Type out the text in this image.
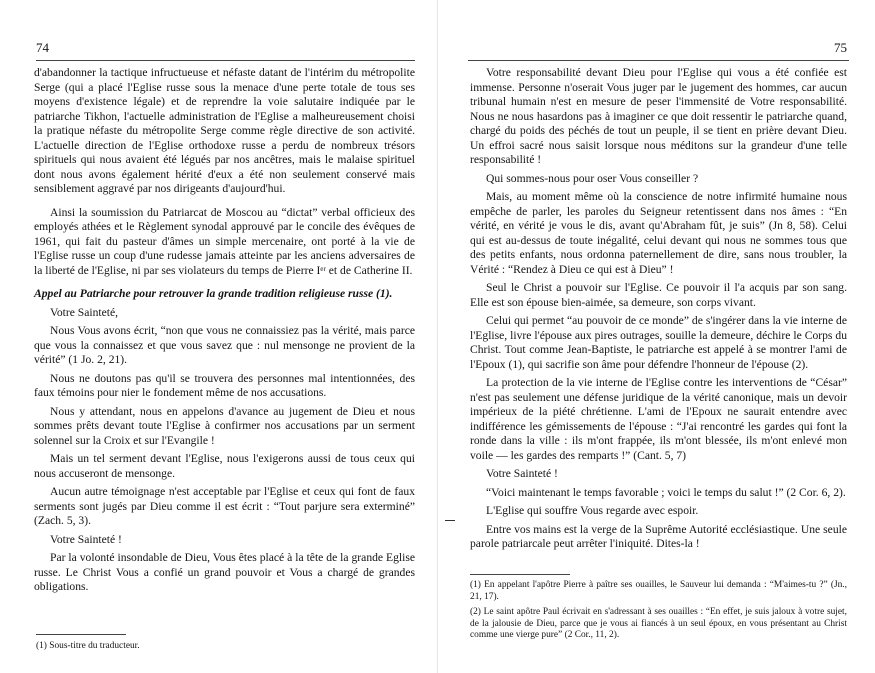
74

d'abandonner la tactique infructueuse et néfaste datant de l'intérim du métropolite Serge (qui a placé l'Eglise russe sous la menace d'une perte totale de tous ses moyens d'existence légale) et de reprendre la voie salutaire indiquée par le patriarche Tikhon, l'actuelle administration de l'Eglise a malheureusement choisi la pratique néfaste du métropolite Serge comme règle directive de son activité. L'actuelle direction de l'Eglise orthodoxe russe a perdu de nombreux trésors spirituels qui nous avaient été légués par nos ancêtres, mais le malaise spirituel dont nous avons également hérité d'eux a été non seulement conservé mais sensiblement aggravé par nos dirigeants d'aujourd'hui.

Ainsi la soumission du Patriarcat de Moscou au “dictat” verbal officieux des employés athées et le Règlement synodal approuvé par le concile des évêques de 1961, qui fait du pasteur d'âmes un simple mercenaire, ont porté à la vie de l'Eglise russe un coup d'une rudesse jamais atteinte par les anciens adversaires de la liberté de l'Eglise, ni par ses violateurs du temps de Pierre Iᵉʳ et de Catherine II.

Appel au Patriarche pour retrouver la grande tradition religieuse russe (1).

Votre Sainteté,

Nous Vous avons écrit, “non que vous ne connaissiez pas la vérité, mais parce que vous la connaissez et que vous savez que : nul mensonge ne provient de la vérité” (1 Jo. 2, 21).

Nous ne doutons pas qu'il se trouvera des personnes mal intentionnées, des faux témoins pour nier le fondement même de nos accusations.

Nous y attendant, nous en appelons d'avance au jugement de Dieu et nous sommes prêts devant toute l'Eglise à confirmer nos accusations par un serment solennel sur la Croix et sur l'Evangile !

Mais un tel serment devant l'Eglise, nous l'exigerons aussi de tous ceux qui nous accuseront de mensonge.

Aucun autre témoignage n'est acceptable par l'Eglise et ceux qui font de faux serments sont jugés par Dieu comme il est écrit : “Tout parjure sera exterminé” (Zach. 5, 3).

Votre Sainteté !

Par la volonté insondable de Dieu, Vous êtes placé à la tête de la grande Eglise russe. Le Christ Vous a confié un grand pouvoir et Vous a chargé de grandes obligations.

(1) Sous-titre du traducteur.
75

Votre responsabilité devant Dieu pour l'Eglise qui vous a été confiée est immense. Personne n'oserait Vous juger par le jugement des hommes, car aucun tribunal humain n'est en mesure de peser l'immensité de Votre responsabilité. Nous ne nous hasardons pas à imaginer ce que doit ressentir le patriarche quand, chargé du poids des péchés de tout un peuple, il se tient en prière devant Dieu. Un effroi sacré nous saisit lorsque nous méditons sur la grandeur d'une telle responsabilité !

Qui sommes-nous pour oser Vous conseiller ?

Mais, au moment même où la conscience de notre infirmité humaine nous empêche de parler, les paroles du Seigneur retentissent dans nos âmes : “En vérité, en vérité je vous le dis, avant qu'Abraham fût, je suis” (Jn 8, 58). Celui qui est au-dessus de toute inégalité, celui devant qui nous ne sommes tous que des petits enfants, nous ordonna paternellement de dire, sans nous troubler, la Vérité : “Rendez à Dieu ce qui est à Dieu” !

Seul le Christ a pouvoir sur l'Eglise. Ce pouvoir il l'a acquis par son sang. Elle est son épouse bien-aimée, sa demeure, son corps vivant.

Celui qui permet “au pouvoir de ce monde” de s'ingérer dans la vie interne de l'Eglise, livre l'épouse aux pires outrages, souille la demeure, déchire le Corps du Christ. Tout comme Jean-Baptiste, le patriarche est appelé à se montrer l'ami de l'Epoux (1), qui sacrifie son âme pour défendre l'honneur de l'épouse (2).

La protection de la vie interne de l'Eglise contre les interventions de “César” n'est pas seulement une défense juridique de la vérité canonique, mais un devoir impérieux de la piété chrétienne. L'ami de l'Epoux ne saurait entendre avec indifférence les gémissements de l'épouse : “J'ai rencontré les gardes qui font la ronde dans la ville : ils m'ont frappée, ils m'ont blessée, ils m'ont enlevé mon voile — les gardes des remparts !” (Cant. 5, 7)

Votre Sainteté !

“Voici maintenant le temps favorable ; voici le temps du salut !” (2 Cor. 6, 2).

L'Eglise qui souffre Vous regarde avec espoir.

Entre vos mains est la verge de la Suprême Autorité ecclésiastique. Une seule parole patriarcale peut arrêter l'iniquité. Dites-la !

(1) En appelant l'apôtre Pierre à paître ses ouailles, le Sauveur lui demanda : “M'aimes-tu ?” (Jn., 21, 17).

(2) Le saint apôtre Paul écrivait en s'adressant à ses ouailles : “En effet, je suis jaloux à votre sujet, de la jalousie de Dieu, parce que je vous ai fiancés à un seul époux, en vous présentant au Christ comme une vierge pure” (2 Cor., 11, 2).
